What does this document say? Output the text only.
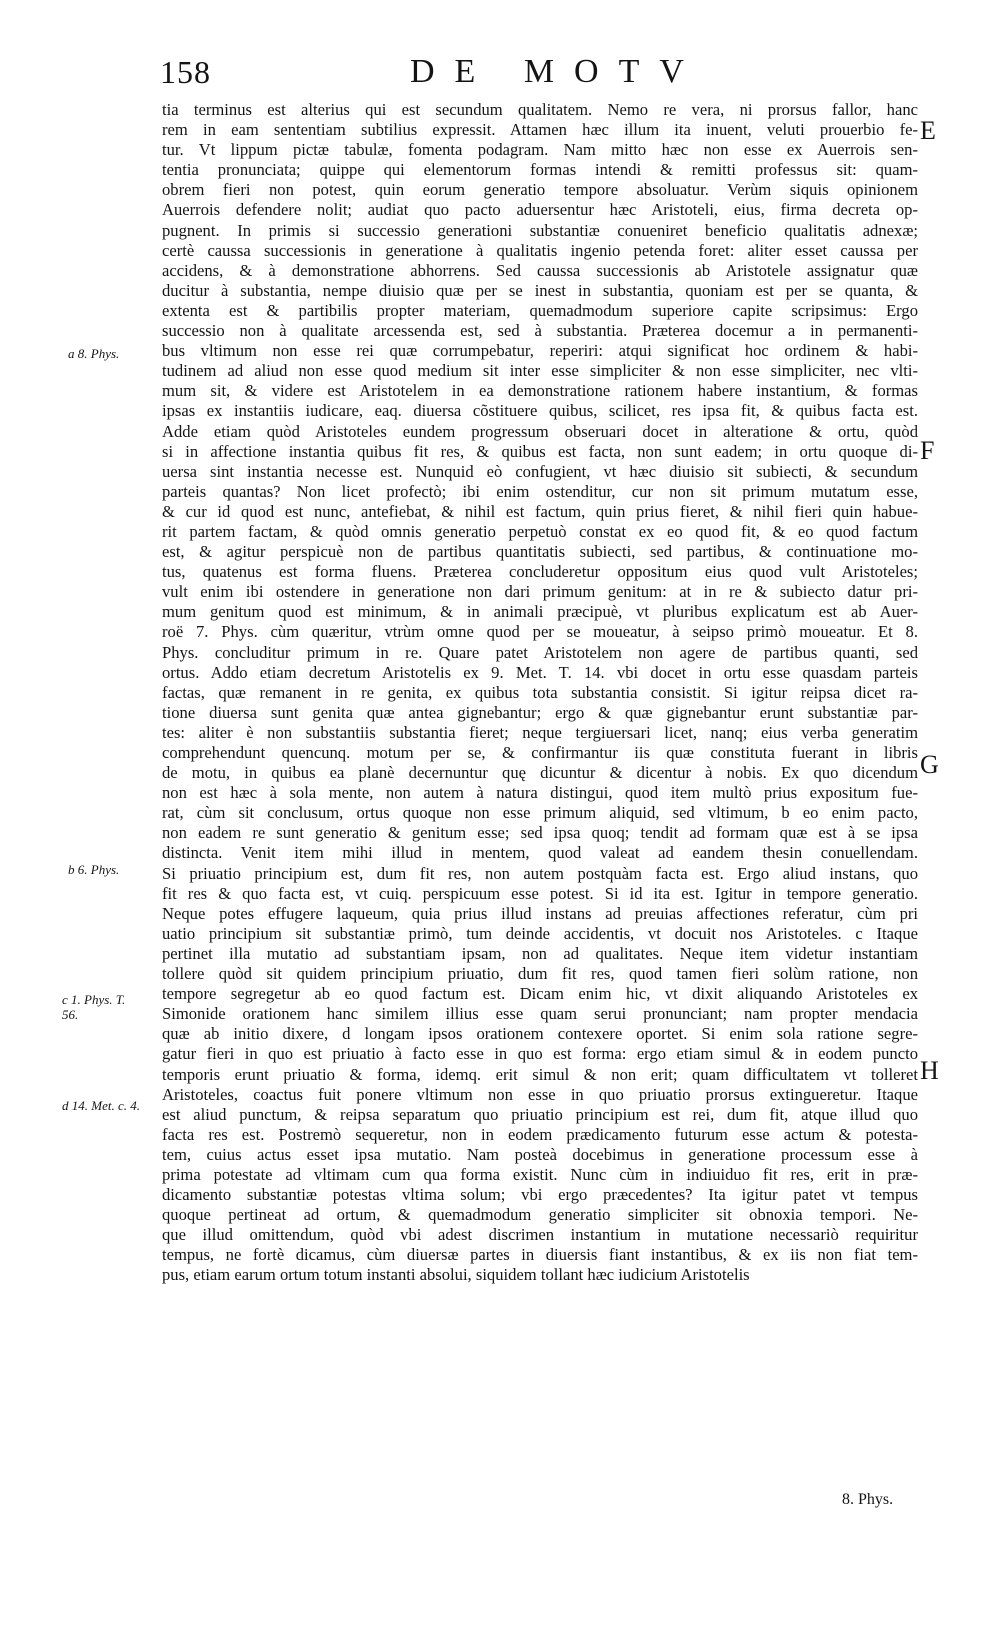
158	DE MOTV
tia terminus est alterius qui est secundum qualitatem. Nemo re vera, ni prorsus fallor, hanc
rem in eam sententiam subtilius expressit. Attamen hæc illum ita inuent, veluti prouerbio fe-
tur. Vt lippum pictæ tabulæ, fomenta podagram. Nam mitto hæc non esse ex Auerrois sen-
tentia pronunciata; quippe qui elementorum formas intendi & remitti professus sit: quam-
obrem fieri non potest, quin eorum generatio tempore absoluatur. Verùm siquis opinionem
Auerrois defendere nolit; audiat quo pacto aduersentur hæc Aristoteli, eius, firma decreta op-
pugnent. In primis si successio generationi substantiæ conueniret beneficio qualitatis adnexæ;
certè caussa successionis in generatione à qualitatis ingenio petenda foret: aliter esset caussa per
accidens, & à demonstratione abhorrens. Sed caussa successionis ab Aristotele assignatur quæ
ducitur à substantia, nempe diuisio quæ per se inest in substantia, quoniam est per se quanta, &
extenta est & partibilis propter materiam, quemadmodum superiore capite scripsimus: Ergo
successio non à qualitate arcessenda est, sed à substantia. Præterea docemur a in permanenti-
bus vltimum non esse rei quæ corrumpebatur, reperiri: atqui significat hoc ordinem & habi-
tudinem ad aliud non esse quod medium sit inter esse simpliciter & non esse simpliciter, nec vlti-
mum sit, & videre est Aristotelem in ea demonstratione rationem habere instantium, & formas
ipsas ex instantiis iudicare, eaq. diuersa cõstituere quibus, scilicet, res ipsa fit, & quibus facta est.
Adde etiam quòd Aristoteles eundem progressum obseruari docet in alteratione & ortu, quòd
si in affectione instantia quibus fit res, & quibus est facta, non sunt eadem; in ortu quoque di-
uersa sint instantia necesse est. Nunquid eò confugient, vt hæc diuisio sit subiecti, & secundum
parteis quantas? Non licet profectò; ibi enim ostenditur, cur non sit primum mutatum esse,
& cur id quod est nunc, antefiebat, & nihil est factum, quin prius fieret, & nihil fieri quin habue-
rit partem factam, & quòd omnis generatio perpetuò constat ex eo quod fit, & eo quod factum
est, & agitur perspicuè non de partibus quantitatis subiecti, sed partibus, & continuatione mo-
tus, quatenus est forma fluens. Præterea concluderetur oppositum eius quod vult Aristoteles;
vult enim ibi ostendere in generatione non dari primum genitum: at in re & subiecto datur pri-
mum genitum quod est minimum, & in animali præcipuè, vt pluribus explicatum est ab Auer-
roë 7. Phys. cùm quæritur, vtrùm omne quod per se moueatur, à seipso primò moueatur. Et 8.
Phys. concluditur primum in re. Quare patet Aristotelem non agere de partibus quanti, sed
ortus. Addo etiam decretum Aristotelis ex 9. Met. T. 14. vbi docet in ortu esse quasdam parteis
factas, quæ remanent in re genita, ex quibus tota substantia consistit. Si igitur reipsa dicet ra-
tione diuersa sunt genita quæ antea gignebantur; ergo & quæ gignebantur erunt substantiæ par-
tes: aliter è non substantiis substantia fieret; neque tergiuersari licet, nanq; eius verba generatim
comprehendunt quencunq. motum per se, & confirmantur iis quæ constituta fuerant in libris
de motu, in quibus ea planè decernuntur quę dicuntur & dicentur à nobis. Ex quo dicendum
non est hæc à sola mente, non autem à natura distingui, quod item multò prius expositum fue-
rat, cùm sit conclusum, ortus quoque non esse primum aliquid, sed vltimum, b eo enim pacto,
non eadem re sunt generatio & genitum esse; sed ipsa quoq; tendit ad formam quæ est à se ipsa
distincta. Venit item mihi illud in mentem, quod valeat ad eandem thesin conuellendam.
Si priuatio principium est, dum fit res, non autem postquàm facta est. Ergo aliud instans, quo
fit res & quo facta est, vt cuiq. perspicuum esse potest. Si id ita est. Igitur in tempore generatio.
Neque potes effugere laqueum, quia prius illud instans ad preuias affectiones referatur, cùm pri
uatio principium sit substantiæ primò, tum deinde accidentis, vt docuit nos Aristoteles. c Itaque
pertinet illa mutatio ad substantiam ipsam, non ad qualitates. Neque item videtur instantiam
tollere quòd sit quidem principium priuatio, dum fit res, quod tamen fieri solùm ratione, non
tempore segregetur ab eo quod factum est. Dicam enim hic, vt dixit aliquando Aristoteles ex
Simonide orationem hanc similem illius esse quam serui pronunciant; nam propter mendacia
quæ ab initio dixere, d longam ipsos orationem contexere oportet. Si enim sola ratione segre-
gatur fieri in quo est priuatio à facto esse in quo est forma: ergo etiam simul & in eodem puncto
temporis erunt priuatio & forma, idemq. erit simul & non erit; quam difficultatem vt tolleret
Aristoteles, coactus fuit ponere vltimum non esse in quo priuatio prorsus extingueretur. Itaque
est aliud punctum, & reipsa separatum quo priuatio principium est rei, dum fit, atque illud quo
facta res est. Postremò sequeretur, non in eodem prædicamento futurum esse actum & potesta-
tem, cuius actus esset ipsa mutatio. Nam posteà docebimus in generatione processum esse à
prima potestate ad vltimam cum qua forma existit. Nunc cùm in indiuiduo fit res, erit in præ-
dicamento substantiæ potestas vltima solum; vbi ergo præcedentes? Ita igitur patet vt tempus
quoque pertineat ad ortum, & quemadmodum generatio simpliciter sit obnoxia tempori. Ne-
que illud omittendum, quòd vbi adest discrimen instantium in mutatione necessariò requiritur
tempus, ne fortè dicamus, cùm diuersæ partes in diuersis fiant instantibus, & ex iis non fiat tem-
pus, etiam earum ortum totum instanti absolui, siquidem tollant hæc iudicium Aristotelis
E
F
G
H
a 8. Phys.
b 6. Phys.
c 1. Phys. T. 56.
d 14. Met. c. 4.
8. Phys.
